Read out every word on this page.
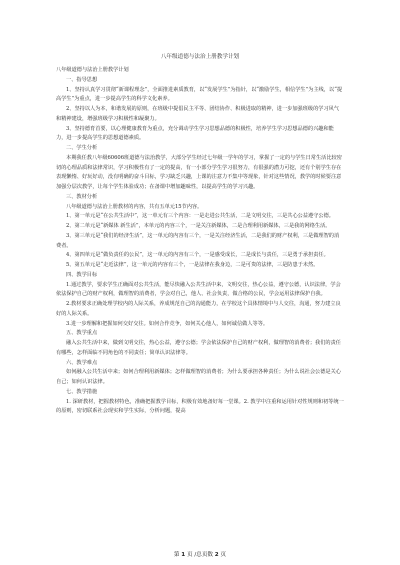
八年级道德与法治上册教学计划

八年级道德与法治上册教学计划

一、指导思想

1、坚持认真学习贯彻“新课程理念”，全面推进素质教育，以“发展学生”为指针，以“激励学生，相信学生”为主线，以“提高学生”为重点，进一步提高学生的科学文化素养。

2、坚持以人为本，和谐发展的原则，在班级中提倡民主平等、团结协作、积极进取的精神，进一步加强班级的学习风气和精神建设，增强班级学习积极性和凝聚力。

3、坚持德育首要，以心理健康教育为重点，充分调动学生学习思想品德的积极性，培养学生学习思想品德的兴趣和能力，进一步提高学生的思想道德素质。

二、学生分析

本期我任教八年级60606班道德与法治教学，大部分学生经过七年级一学年的学习，掌握了一定的与学生日常生活比较密切的心理品质和法律常识，学习积极性有了一定的提高，有一小部分学生学习很努力，有很强的潜力可挖，还有个别学生存在表现懒惰、好玩好动，没有明确的奋斗目标，学习缺乏兴趣，上课的注意力不集中等现象，针对这些情况，教学的时候要注意加强分层次教学，让每个学生体验成功；在备课中增加趣味性，以提高学生的学习兴趣。

三、教材分析

八年级道德与法治上册教材的内容，共有五单元15节内容。

1、第一单元是“在公共生活中”，这一单元有三个内容：一是走进公共生活，二是文明交往，三是共心公益遵守公德。

2、第二单元是“新媒体 新生活”，本单元的内容三个，一是关注新媒体，二是合理利用新媒体，三是我的网络生活。

3、第三单元是“我们的经济生活”，这一单元的内容有三个，一是关注经济生活，二是我们的财产权利，三是做理智的消费者。

4、第四单元是“做负责任的公民”，这一单元的内容有三个，一是感受成长，二是成长与责任，三是勇于承担责任。

5、第五单元是“走近法律”，这一单元的内容有三个，一是法律在我身边，二是可贵的法律，三是防患于未然。

四、教学目标

1.通过教学，要求学生正确面对公共生活，能尽快融入公共生活中来，文明交往，热心公益，遵守公德，认识法律，学会依法保护自己的财产权利，做理智的消费者，学会对自己，他人、社会负责，做合格的公民，学会运用法律保护自我。

2.教材要求正确处理学校内的人际关系，养成规范自己的沟通能力，在学校这个具体情境中与人交往，沟通，努力建立良好的人际关系。

3.进一步理解和把握如何交好交往。如何合作竞争，如何关心他人，如何诚信做人等等。

五、教学重点

融入公共生活中来，做到文明交往，热心公益，遵守公德；学会依法保护自己的财产权利，做理智的消费者；我们的责任有哪些，怎样面临不同角色的不同责任；简单认识法律等。

六、教学难点

如何融入公共生活中来；如何合理利用新媒体；怎样做理智的消费者；为什么要承担各种责任；为什么说社会公德是关心自己；如何认识法律。

七、教学措施

1. 深研教材，把握教材特色，准确把握教学目标，积极有效地备好每一堂课。2. 教学中注重和运用针对性规则和初等统一的原则，密切联系社会现实和学生实际，分析问题，提高

第 1 页 /总页数 2 页
